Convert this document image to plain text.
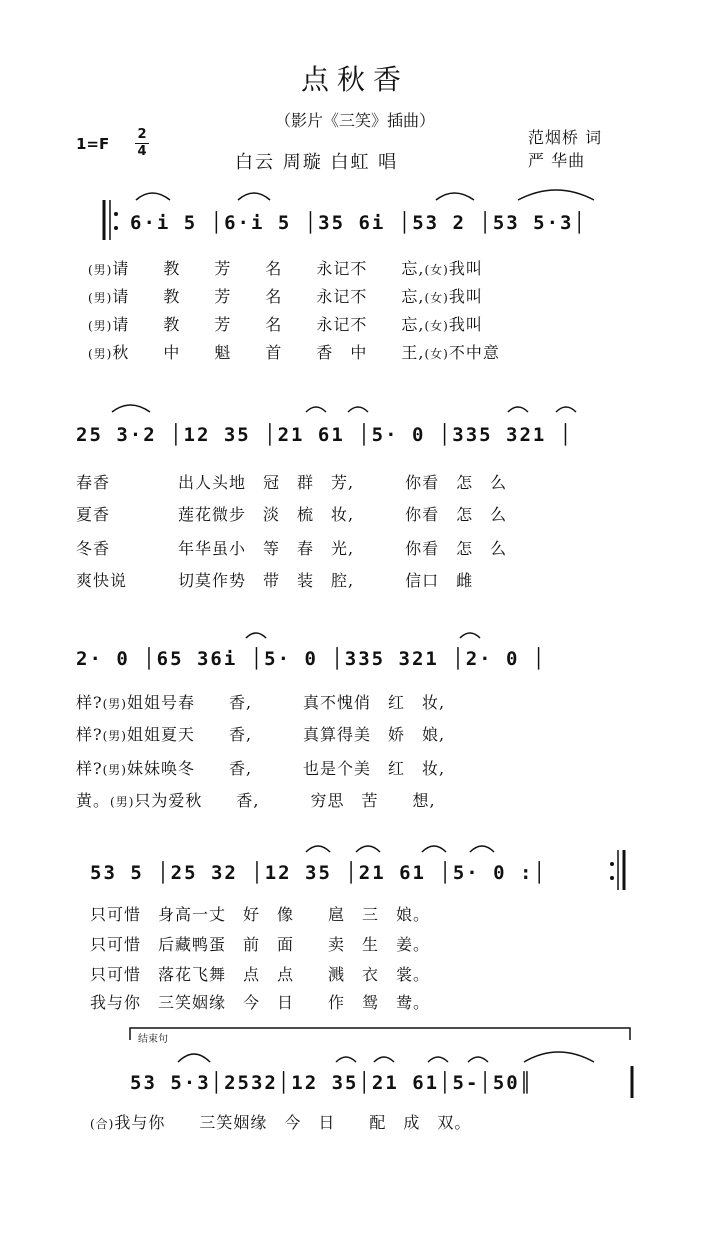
点秋香
（影片《三笑》插曲）
1=F
2
4
白云 周璇 白虹 唱
范烟桥 词
严 华曲
6·i 5 │6·i 5 │35 6i │53 2 │53 5·3│
(男)请　　教　　芳　　名　　永记不　　忘,(女)我叫
(男)请　　教　　芳　　名　　永记不　　忘,(女)我叫
(男)请　　教　　芳　　名　　永记不　　忘,(女)我叫
(男)秋　　中　　魁　　首　　香　中　　王,(女)不中意
25 3·2 │12 35 │21 61 │5· 0 │335 321 │
春香　　　　出人头地　冠　群　芳,　　　你看　怎　么
夏香　　　　莲花微步　淡　梳　妆,　　　你看　怎　么
冬香　　　　年华虽小　等　春　光,　　　你看　怎　么
爽快说　　　切莫作势　带　装　腔,　　　信口　雌
2· 0 │65 36i │5· 0 │335 321 │2· 0 │
样?(男)姐姐号春　　香,　　　真不愧俏　红　妆,
样?(男)姐姐夏天　　香,　　　真算得美　娇　娘,
样?(男)妹妹唤冬　　香,　　　也是个美　红　妆,
黄。(男)只为爱秋　　香,　　　穷思　苦　　想,
53 5 │25 32 │12 35 │21 61 │5· 0 :│
只可惜　身高一丈　好　像　　扈　三　娘。
只可惜　后藏鸭蛋　前　面　　卖　生　姜。
只可惜　落花飞舞　点　点　　溅　衣　裳。
我与你　三笑姻缘　今　日　　作　鸳　鸯。
结束句
53 5·3│2532│12 35│21 61│5-│50║
(合)我与你　　三笑姻缘　今　日　　配　成　双。
